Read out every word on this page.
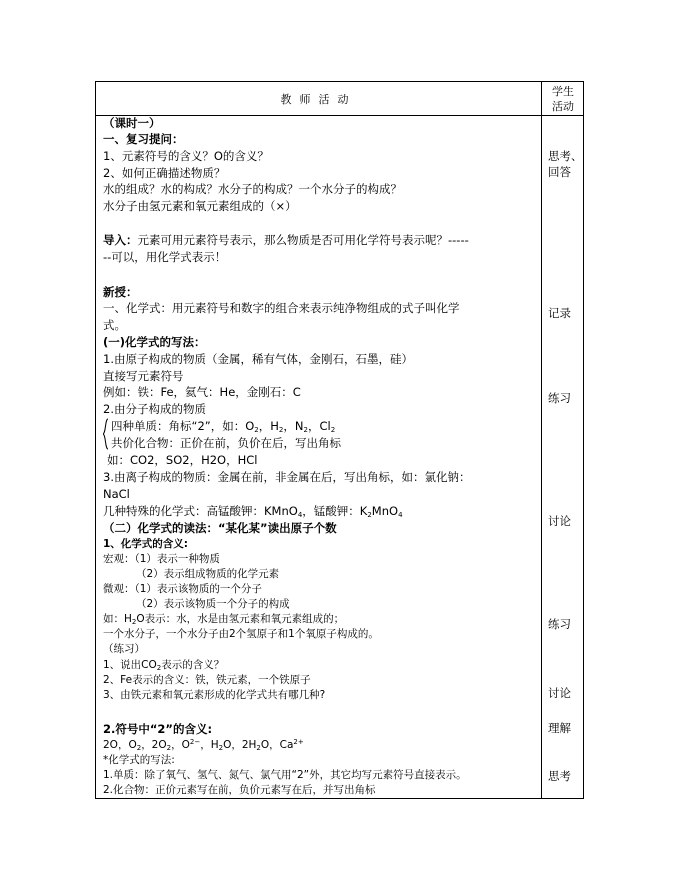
教师活动
学生
活动
（课时一）
一、复习提问：
1、元素符号的含义？O的含义？
2、如何正确描述物质？
水的组成？水的构成？水分子的构成？一个水分子的构成？
水分子由氢元素和氧元素组成的（×）
导入：元素可用元素符号表示，那么物质是否可用化学符号表示呢？-----
--可以，用化学式表示！
新授：
一、化学式：用元素符号和数字的组合来表示纯净物组成的式子叫化学
式。
(一)化学式的写法：
1.由原子构成的物质（金属，稀有气体，金刚石，石墨，硅）
直接写元素符号
例如：铁：Fe，氦气：He，金刚石：C
2.由分子构成的物质
四种单质：角标“2”，如：$O_2$，$H_2$，$N_2$，$Cl_2$
共价化合物：正价在前，负价在后，写出角标
如：CO2，SO2，H2O，HCl
3.由离子构成的物质：金属在前，非金属在后，写出角标，如：氯化钠：
NaCl
几种特殊的化学式：高锰酸钾：KMnO$_4$，锰酸钾：$K_2MnO_4$
（二）化学式的读法：“某化某”读出原子个数
1、化学式的含义:
宏观：（1）表示一种物质
（2）表示组成物质的化学元素
微观：（1）表示该物质的一个分子
（2）表示该物质一个分子的构成
如：$H_2O$表示：水，水是由氢元素和氧元素组成的；
一个水分子，一个水分子由2个氢原子和1个氧原子构成的。
（练习）
1、说出$CO_2$表示的含义？
2、Fe表示的含义：铁，铁元素，一个铁原子
3、由铁元素和氧元素形成的化学式共有哪几种?
2.符号中“2”的含义:
2O，$O_2$，$2O_2$，$O^{2-}$，$H_2O$，$2H_2O$，$Ca^{2+}$
*化学式的写法:
1.单质：除了氧气、氢气、氮气、氯气用“2”外，其它均写元素符号直接表示。
2.化合物：正价元素写在前，负价元素写在后，并写出角标
思考、
回答
记录
练习
讨论
练习
讨论
理解
思考
